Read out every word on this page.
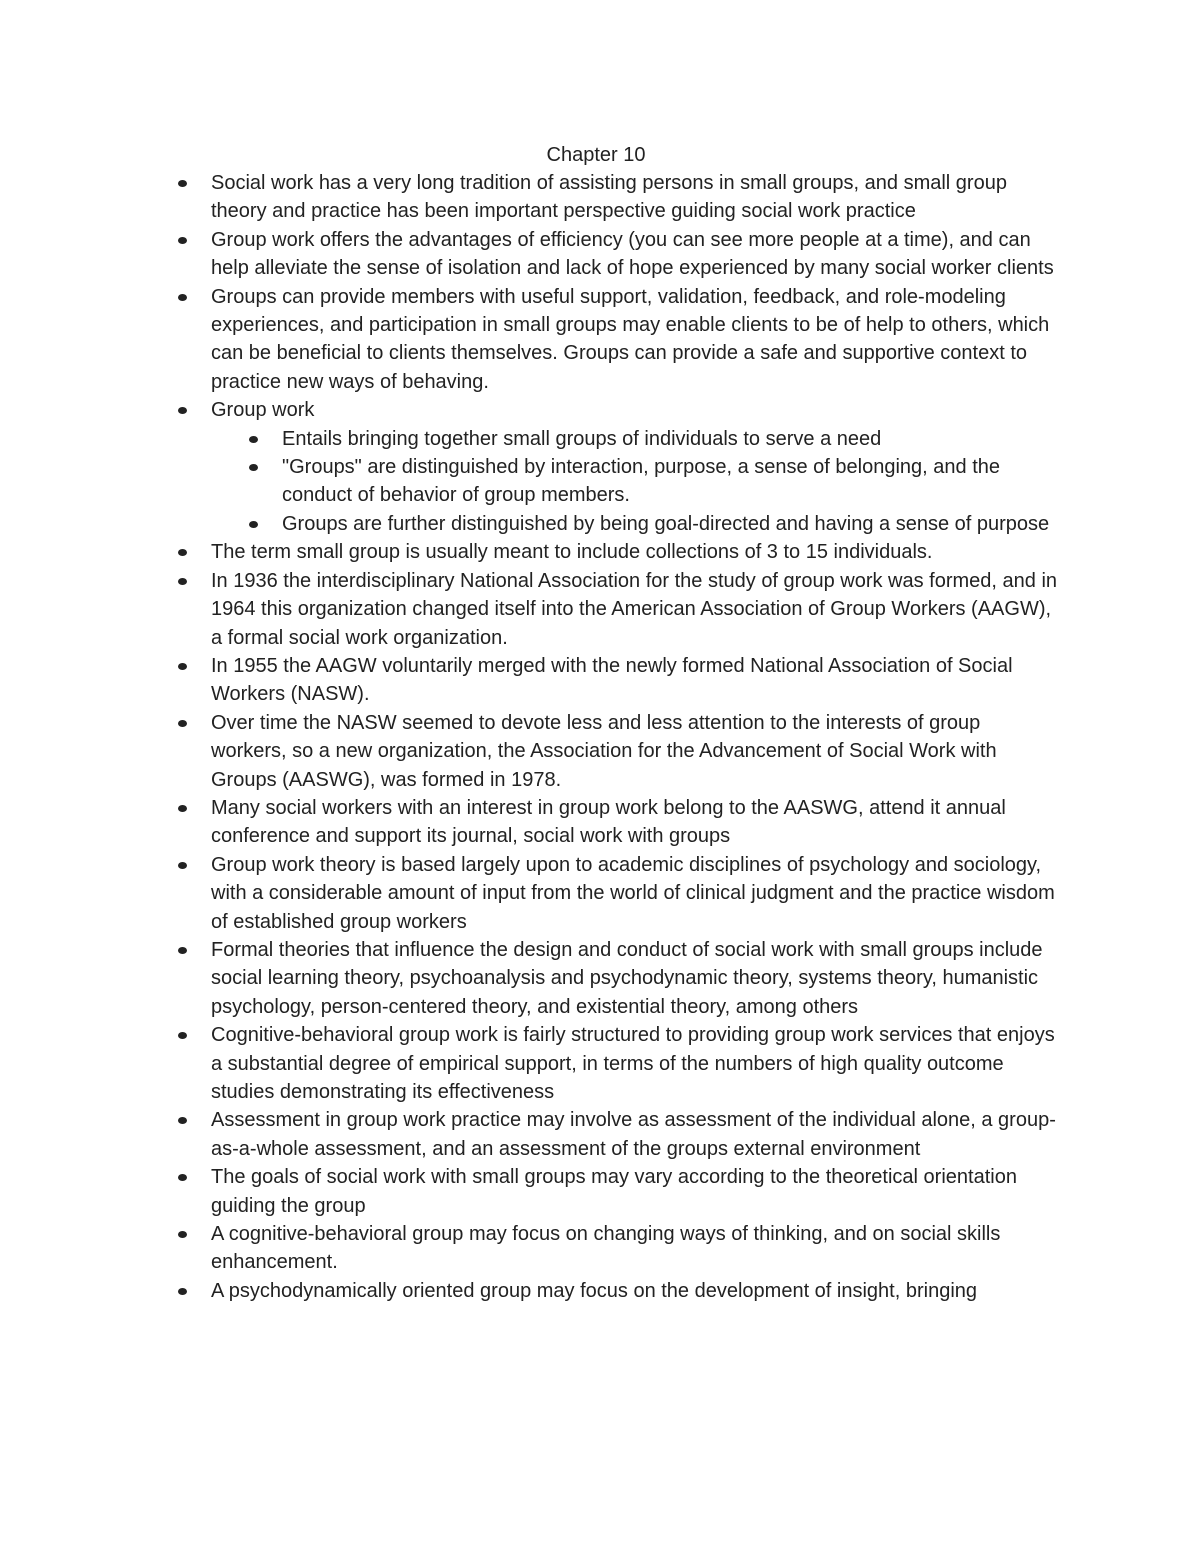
Chapter 10
Social work has a very long tradition of assisting persons in small groups, and small group theory and practice has been important perspective guiding social work practice
Group work offers the advantages of efficiency (you can see more people at a time), and can help alleviate the sense of isolation and lack of hope experienced by many social worker clients
Groups can provide members with useful support, validation, feedback, and role-modeling experiences, and participation in small groups may enable clients to be of help to others, which can be beneficial to clients themselves. Groups can provide a safe and supportive context to practice new ways of behaving.
Group work
Entails bringing together small groups of individuals to serve a need
"Groups" are distinguished by interaction, purpose, a sense of belonging, and the conduct of behavior of group members.
Groups are further distinguished by being goal-directed and having a sense of purpose
The term small group is usually meant to include collections of 3 to 15 individuals.
In 1936 the interdisciplinary National Association for the study of group work was formed, and in 1964 this organization changed itself into the American Association of Group Workers (AAGW), a formal social work organization.
In 1955 the AAGW voluntarily merged with the newly formed National Association of Social Workers (NASW).
Over time the NASW seemed to devote less and less attention to the interests of group workers, so a new organization, the Association for the Advancement of Social Work with Groups (AASWG), was formed in 1978.
Many social workers with an interest in group work belong to the AASWG, attend it annual conference and support its journal, social work with groups
Group work theory is based largely upon to academic disciplines of psychology and sociology, with a considerable amount of input from the world of clinical judgment and the practice wisdom of established group workers
Formal theories that influence the design and conduct of social work with small groups include social learning theory, psychoanalysis and psychodynamic theory, systems theory, humanistic psychology, person-centered theory, and existential theory, among others
Cognitive-behavioral group work is fairly structured to providing group work services that enjoys a substantial degree of empirical support, in terms of the numbers of high quality outcome studies demonstrating its effectiveness
Assessment in group work practice may involve as assessment of the individual alone, a group-as-a-whole assessment, and an assessment of the groups external environment
The goals of social work with small groups may vary according to the theoretical orientation guiding the group
A cognitive-behavioral group may focus on changing ways of thinking, and on social skills enhancement.
A psychodynamically oriented group may focus on the development of insight, bringing
